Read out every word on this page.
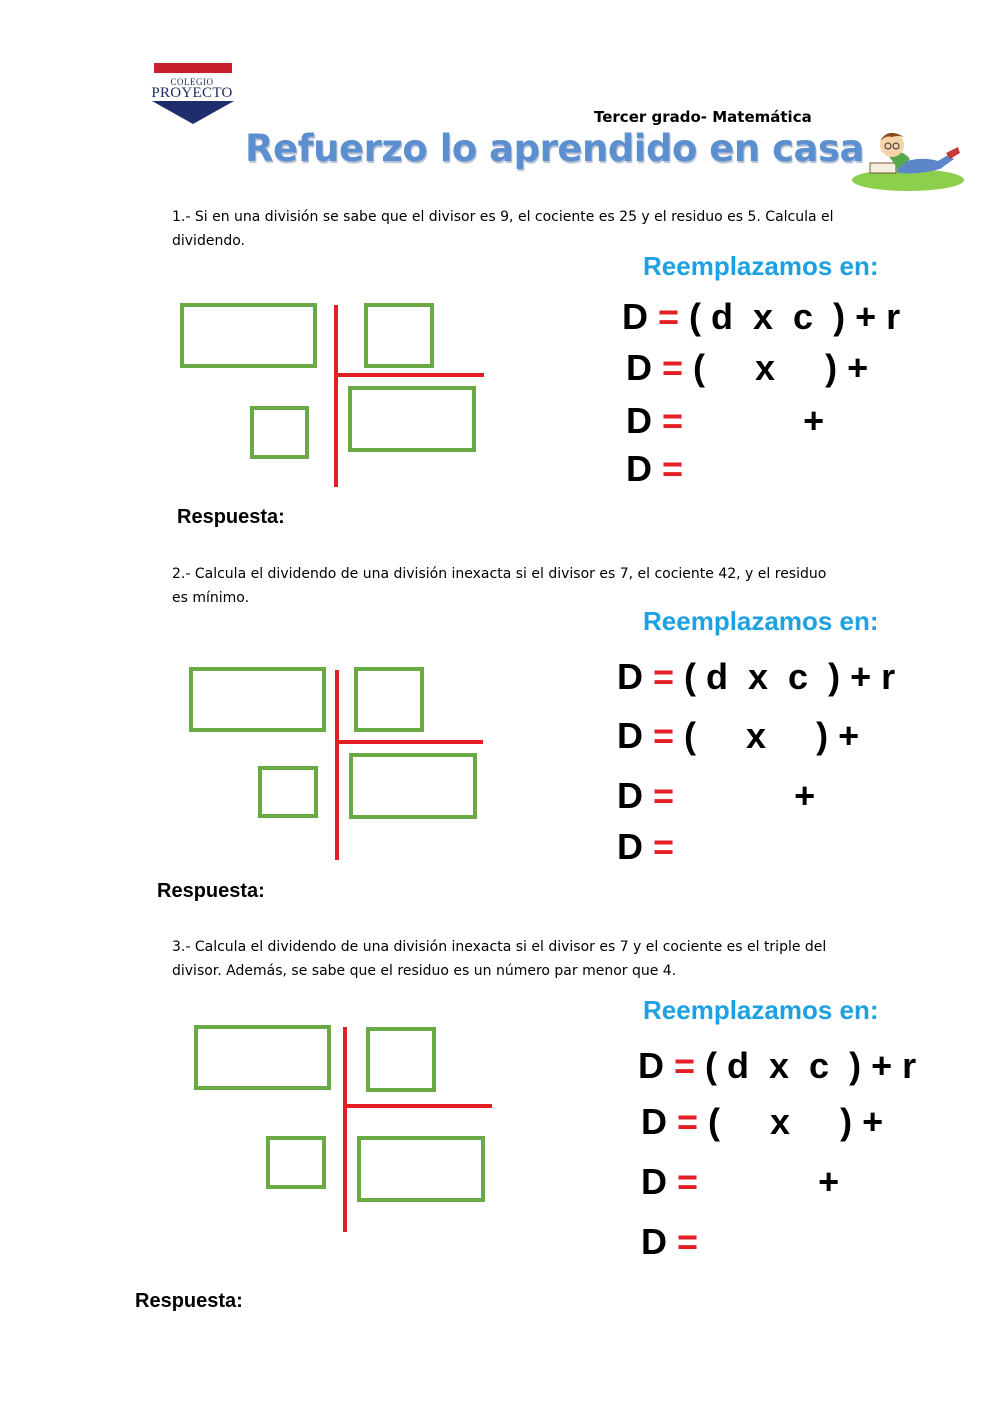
COLEGIO
PROYECTO
Tercer grado- Matemática
Refuerzo lo aprendido en casa
1.- Si en una división se sabe que el divisor es 9, el cociente es 25 y el residuo es 5. Calcula el
dividendo.
Reemplazamos en:
D = ( d  x  c  ) + r
D = (     x     ) +
D =            +
D =
Respuesta:
2.- Calcula el dividendo de una división inexacta si el divisor es 7, el cociente 42, y el residuo
es mínimo.
Reemplazamos en:
D = ( d  x  c  ) + r
D = (     x     ) +
D =            +
D =
Respuesta:
3.- Calcula el dividendo de una división inexacta si el divisor es 7 y el cociente es el triple del
divisor. Además, se sabe que el residuo es un número par menor que 4.
Reemplazamos en:
D = ( d  x  c  ) + r
D = (     x     ) +
D =            +
D =
Respuesta:
